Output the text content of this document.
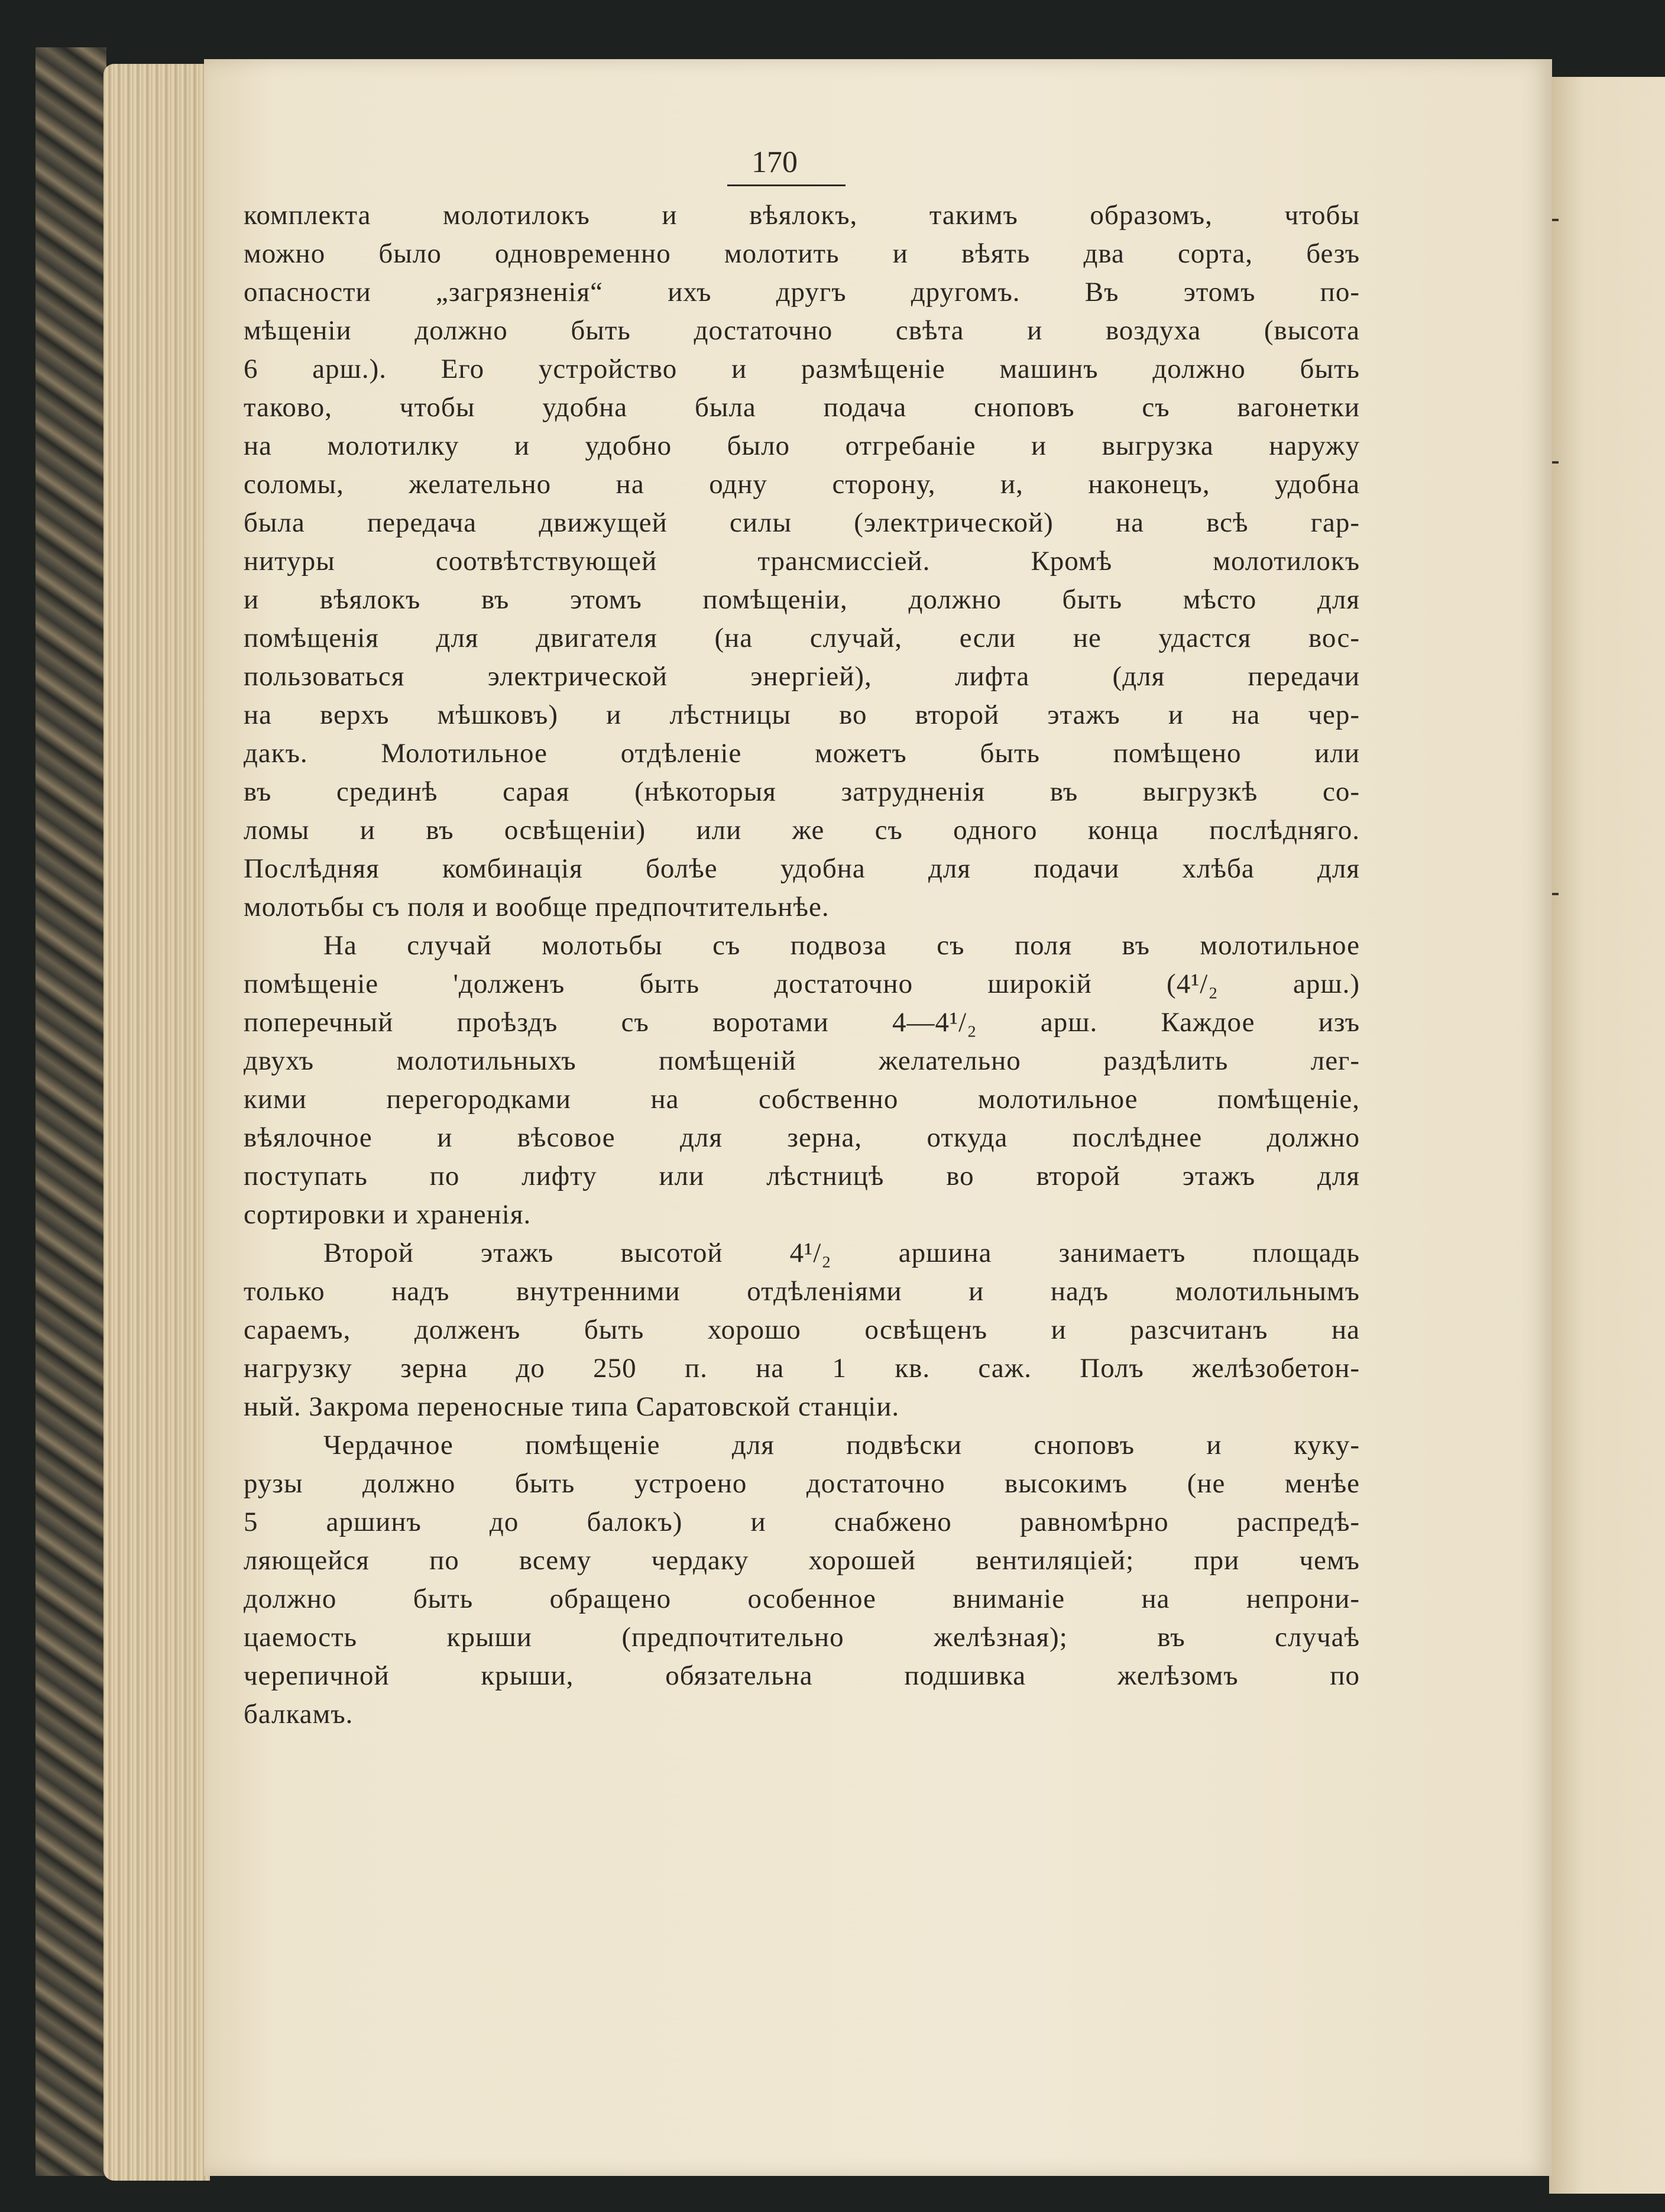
170
комплекта молотилокъ и вѣялокъ, такимъ образомъ, чтобы
можно было одновременно молотить и вѣять два сорта, безъ
опасности „загрязненія“ ихъ другъ другомъ. Въ этомъ по-
мѣщеніи должно быть достаточно свѣта и воздуха (высота
6 арш.). Его устройство и размѣщеніе машинъ должно быть
таково, чтобы удобна была подача сноповъ съ вагонетки
на молотилку и удобно было отгребаніе и выгрузка наружу
соломы, желательно на одну сторону, и, наконецъ, удобна
была передача движущей силы (электрической) на всѣ гар-
нитуры соотвѣтствующей трансмиссіей. Кромѣ молотилокъ
и вѣялокъ въ этомъ помѣщеніи, должно быть мѣсто для
помѣщенія для двигателя (на случай, если не удастся вос-
пользоваться электрической энергіей), лифта (для передачи
на верхъ мѣшковъ) и лѣстницы во второй этажъ и на чер-
дакъ. Молотильное отдѣленіе можетъ быть помѣщено или
въ срединѣ сарая (нѣкоторыя затрудненія въ выгрузкѣ со-
ломы и въ освѣщеніи) или же съ одного конца послѣдняго.
Послѣдняя комбинація болѣе удобна для подачи хлѣба для
молотьбы съ поля и вообще предпочтительнѣе.
На случай молотьбы съ подвоза съ поля въ молотильное
помѣщеніе 'долженъ быть достаточно широкій (4¹/₂ арш.)
поперечный проѣздъ съ воротами 4—4¹/₂ арш. Каждое изъ
двухъ молотильныхъ помѣщеній желательно раздѣлить лег-
кими перегородками на собственно молотильное помѣщеніе,
вѣялочное и вѣсовое для зерна, откуда послѣднее должно
поступать по лифту или лѣстницѣ во второй этажъ для
сортировки и храненія.
Второй этажъ высотой 4¹/₂ аршина занимаетъ площадь
только надъ внутренними отдѣленіями и надъ молотильнымъ
сараемъ, долженъ быть хорошо освѣщенъ и разсчитанъ на
нагрузку зерна до 250 п. на 1 кв. саж. Полъ желѣзобетон-
ный. Закрома переносные типа Саратовской станціи.
Чердачное помѣщеніе для подвѣски сноповъ и куку-
рузы должно быть устроено достаточно высокимъ (не менѣе
5 аршинъ до балокъ) и снабжено равномѣрно распредѣ-
ляющейся по всему чердаку хорошей вентиляціей; при чемъ
должно быть обращено особенное вниманіе на непрони-
цаемость крыши (предпочтительно желѣзная); въ случаѣ
черепичной крыши, обязательна подшивка желѣзомъ по
балкамъ.
